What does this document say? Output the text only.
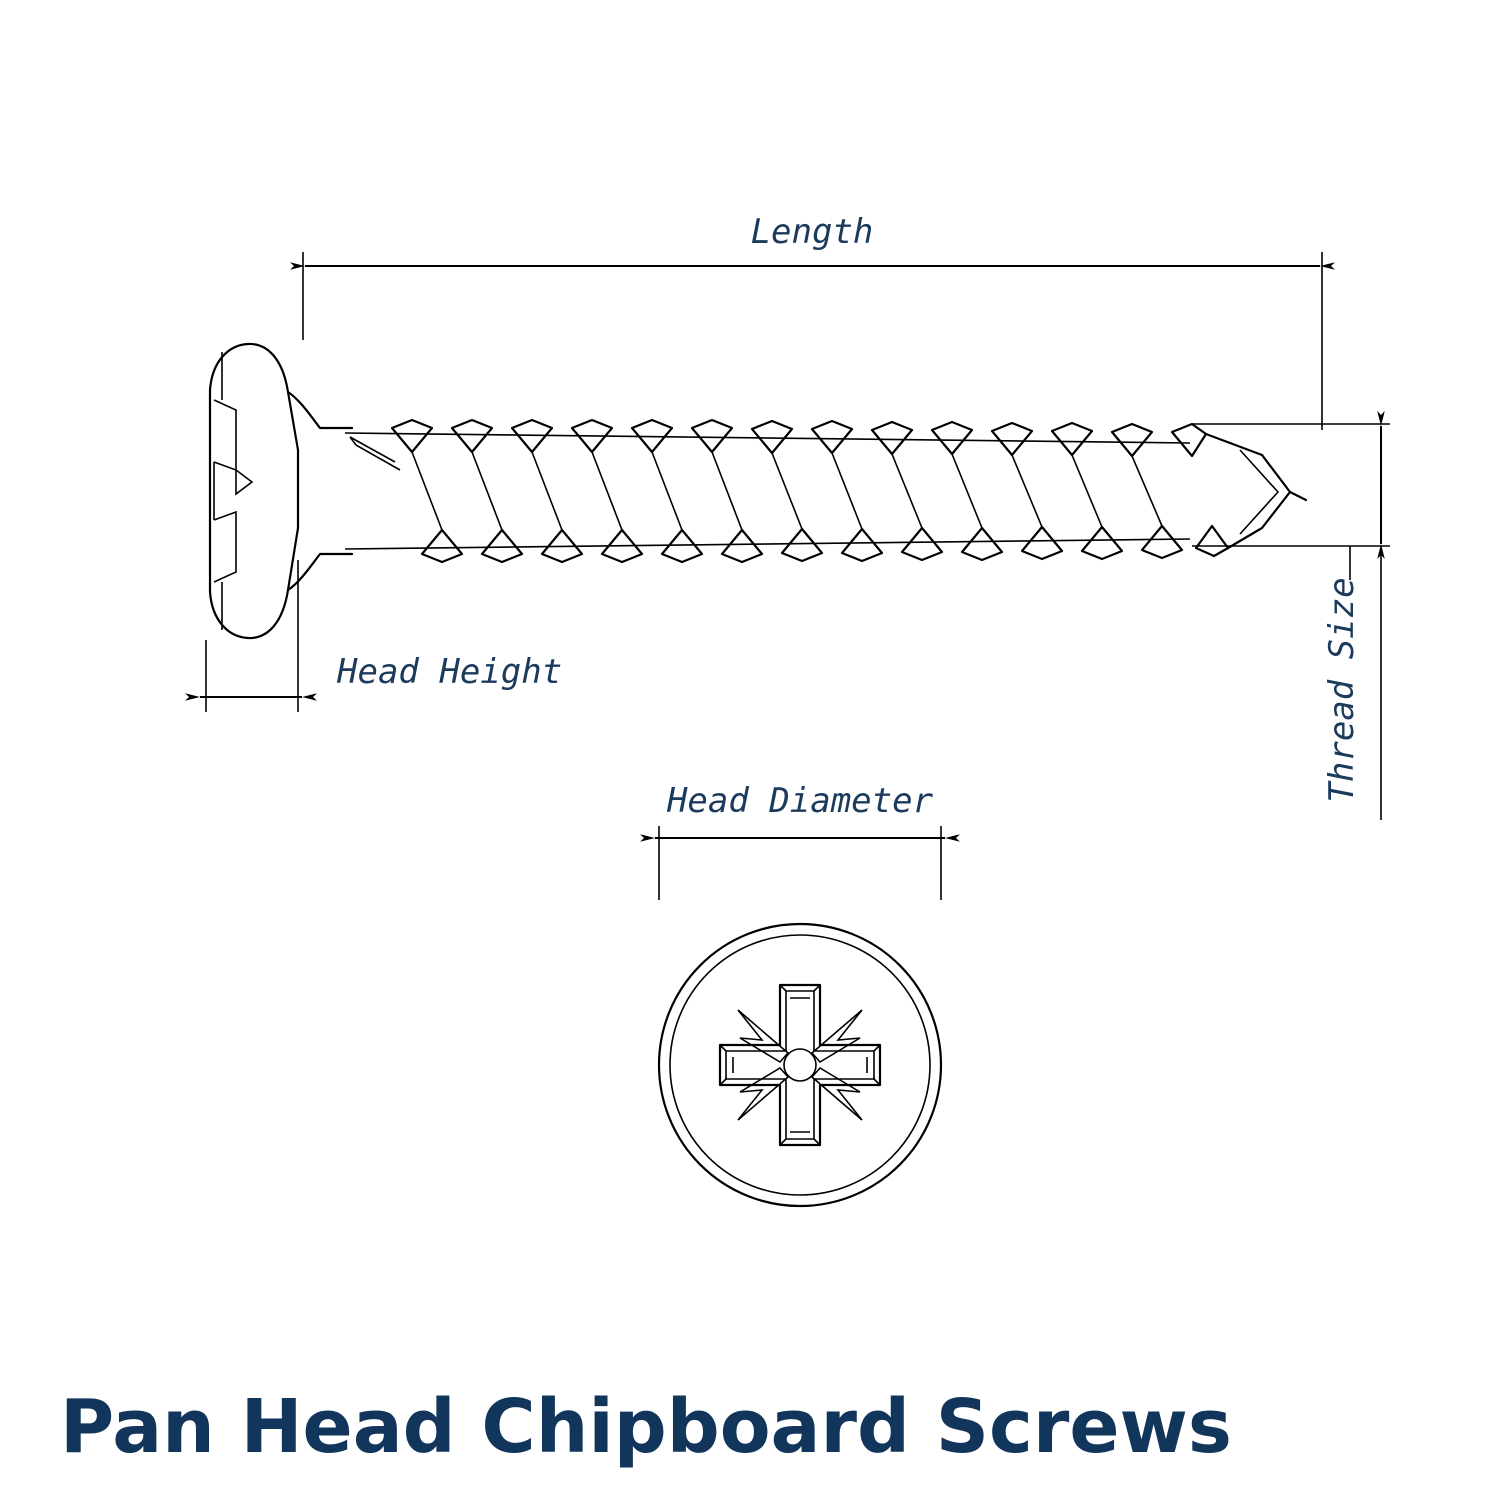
Length
Head Height	Thread Size
Head Diameter
Pan Head Chipboard Screws
